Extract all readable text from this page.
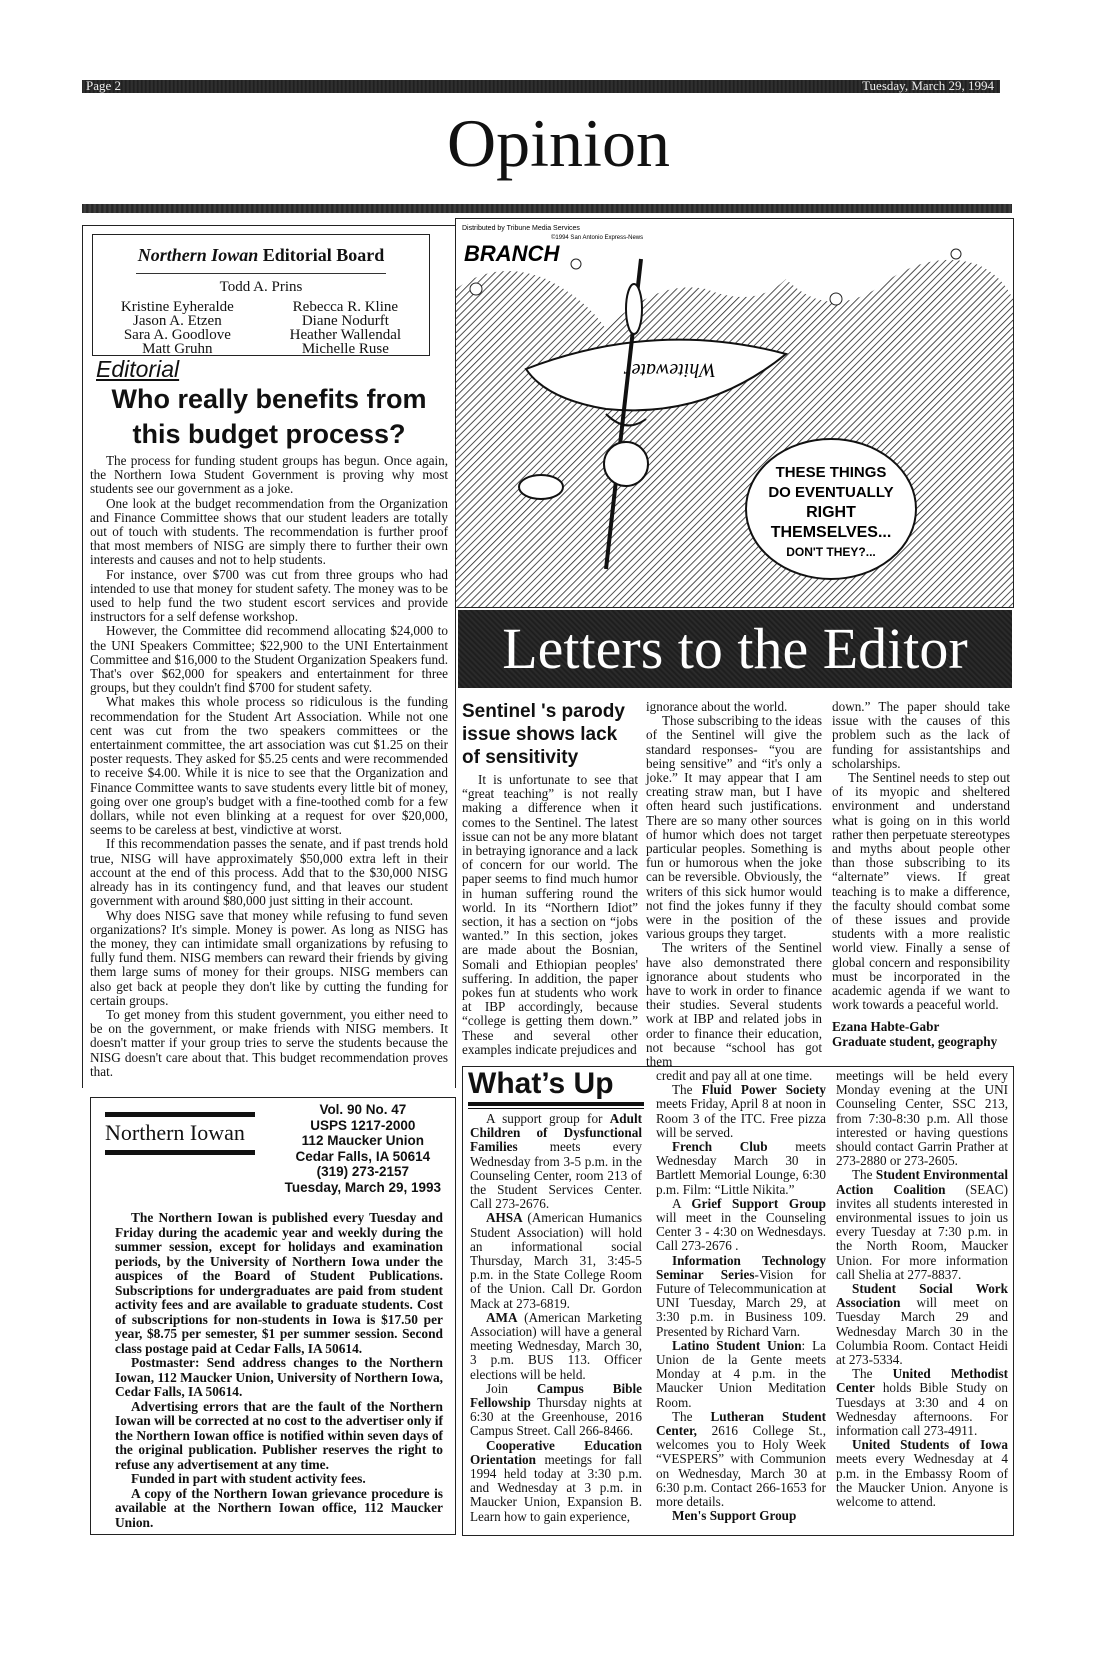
Page 2	Tuesday, March 29, 1994
Opinion
Northern Iowan Editorial Board
Todd A. Prins
Kristine Eyheralde
Jason A. Etzen
Sara A. Goodlove
Matt Gruhn
Rebecca R. Kline
Diane Nodurft
Heather Wallendal
Michelle Ruse
Editorial
Who really benefits from this budget process?

The process for funding student groups has begun. Once again, the Northern Iowa Student Government is proving why most students see our government as a joke.

One look at the budget recommendation from the Organization and Finance Committee shows that our student leaders are totally out of touch with students. The recommendation is further proof that most members of NISG are simply there to further their own interests and causes and not to help students.

For instance, over $700 was cut from three groups who had intended to use that money for student safety. The money was to be used to help fund the two student escort services and provide instructors for a self defense workshop.

However, the Committee did recommend allocating $24,000 to the UNI Speakers Committee; $22,900 to the UNI Entertainment Committee and $16,000 to the Student Organization Speakers fund. That's over $62,000 for speakers and entertainment for three groups, but they couldn't find $700 for student safety.

What makes this whole process so ridiculous is the funding recommendation for the Student Art Association. While not one cent was cut from the two speakers committees or the entertainment committee, the art association was cut $1.25 on their poster requests. They asked for $5.25 cents and were recommended to receive $4.00. While it is nice to see that the Organization and Finance Committee wants to save students every little bit of money, going over one group's budget with a fine-toothed comb for a few dollars, while not even blinking at a request for over $20,000, seems to be careless at best, vindictive at worst.

If this recommendation passes the senate, and if past trends hold true, NISG will have approximately $50,000 extra left in their account at the end of this process. Add that to the $30,000 NISG already has in its contingency fund, and that leaves our student government with around $80,000 just sitting in their account.

Why does NISG save that money while refusing to fund seven organizations? It's simple. Money is power. As long as NISG has the money, they can intimidate small organizations by refusing to fully fund them. NISG members can reward their friends by giving them large sums of money for their groups. NISG members can also get back at people they don't like by cutting the funding for certain groups.

To get money from this student government, you either need to be on the government, or make friends with NISG members. It doesn't matter if your group tries to serve the students because the NISG doesn't care about that. This budget recommendation proves that.

Distributed by Tribune Media Services
BRANCH
©1994 San Antonio Express-News
Whitewater
THESE THINGS
DO EVENTUALLY
RIGHT
THEMSELVES...
DON'T THEY?...
Letters to the Editor
Sentinel 's parody issue shows lack of sensitivity

It is unfortunate to see that “great teaching” is not really making a difference when it comes to the Sentinel. The latest issue can not be any more blatant in betraying ignorance and a lack of concern for our world. The paper seems to find much humor in human suffering round the world. In its “Northern Idiot” section, it has a section on “jobs wanted.” In this section, jokes are made about the Bosnian, Somali and Ethiopian peoples' suffering. In addition, the paper pokes fun at students who work at IBP accordingly, because “college is getting them down.” These and several other examples indicate prejudices and

ignorance about the world.

Those subscribing to the ideas of the Sentinel will give the standard responses- “you are being sensitive” and “it's only a joke.” It may appear that I am creating straw man, but I have often heard such justifications. There are so many other sources of humor which does not target particular peoples. Something is fun or humorous when the joke can be reversible. Obviously, the writers of this sick humor would not find the jokes funny if they were in the position of the various groups they target.

The writers of the Sentinel have also demonstrated there ignorance about students who have to work in order to finance their studies. Several students work at IBP and related jobs in order to finance their education, not because “school has got them

down.” The paper should take issue with the causes of this problem such as the lack of funding for assistantships and scholarships.

The Sentinel needs to step out of its myopic and sheltered environment and understand what is going on in this world rather then perpetuate stereotypes and myths about people other than those subscribing to its “alternate” views. If great teaching is to make a difference, the faculty should combat some of these issues and provide students with a more realistic world view. Finally a sense of global concern and responsibility must be incorporated in the academic agenda if we want to work towards a peaceful world.

Ezana Habte-Gabr
Graduate student, geography
Northern Iowan
Vol. 90 No. 47
USPS 1217-2000
112 Maucker Union
Cedar Falls, IA 50614
(319) 273-2157
Tuesday, March 29, 1993

The Northern Iowan is published every Tuesday and Friday during the academic year and weekly during the summer session, except for holidays and examination periods, by the University of Northern Iowa under the auspices of the Board of Student Publications. Subscriptions for undergraduates are paid from student activity fees and are available to graduate students. Cost of subscriptions for non-students in Iowa is $17.50 per year, $8.75 per semester, $1 per summer session. Second class postage paid at Cedar Falls, IA 50614.

Postmaster: Send address changes to the Northern Iowan, 112 Maucker Union, University of Northern Iowa, Cedar Falls, IA 50614.

Advertising errors that are the fault of the Northern Iowan will be corrected at no cost to the advertiser only if the Northern Iowan office is notified within seven days of the original publication. Publisher reserves the right to refuse any advertisement at any time.

Funded in part with student activity fees.

A copy of the Northern Iowan grievance procedure is available at the Northern Iowan office, 112 Maucker Union.

What’s Up

A support group for Adult Children of Dysfunctional Families meets every Wednesday from 3-5 p.m. in the Counseling Center, room 213 of the Student Services Center. Call 273-2676.

AHSA (American Humanics Student Association) will hold an informational social Thursday, March 31, 3:45-5 p.m. in the State College Room of the Union. Call Dr. Gordon Mack at 273-6819.

AMA (American Marketing Association) will have a general meeting Wednesday, March 30, 3 p.m. BUS 113. Officer elections will be held.

Join Campus Bible Fellowship Thursday nights at 6:30 at the Greenhouse, 2016 Campus Street. Call 266-8466.

Cooperative Education Orientation meetings for fall 1994 held today at 3:30 p.m. and Wednesday at 3 p.m. in Maucker Union, Expansion B. Learn how to gain experience,

credit and pay all at one time.

The Fluid Power Society meets Friday, April 8 at noon in Room 3 of the ITC. Free pizza will be served.

French Club meets Wednesday March 30 in Bartlett Memorial Lounge, 6:30 p.m. Film: “Little Nikita.”

A Grief Support Group will meet in the Counseling Center 3 - 4:30 on Wednesdays. Call 273-2676 .

Information Technology Seminar Series-Vision for Future of Telecommunication at UNI Tuesday, March 29, at 3:30 p.m. in Business 109. Presented by Richard Varn.

Latino Student Union: La Union de la Gente meets Monday at 4 p.m. in the Maucker Union Meditation Room.

The Lutheran Student Center, 2616 College St., welcomes you to Holy Week “VESPERS” with Communion on Wednesday, March 30 at 6:30 p.m. Contact 266-1653 for more details.

Men's Support Group

meetings will be held every Monday evening at the UNI Counseling Center, SSC 213, from 7:30-8:30 p.m. All those interested or having questions should contact Garrin Prather at 273-2880 or 273-2605.

The Student Environmental Action Coalition (SEAC) invites all students interested in environmental issues to join us every Tuesday at 7:30 p.m. in the North Room, Maucker Union. For more information call Shelia at 277-8837.

Student Social Work Association will meet on Tuesday March 29 and Wednesday March 30 in the Columbia Room. Contact Heidi at 273-5334.

The United Methodist Center holds Bible Study on Tuesdays at 3:30 and 4 on Wednesday afternoons. For information call 273-4911.

United Students of Iowa meets every Wednesday at 4 p.m. in the Embassy Room of the Maucker Union. Anyone is welcome to attend.
